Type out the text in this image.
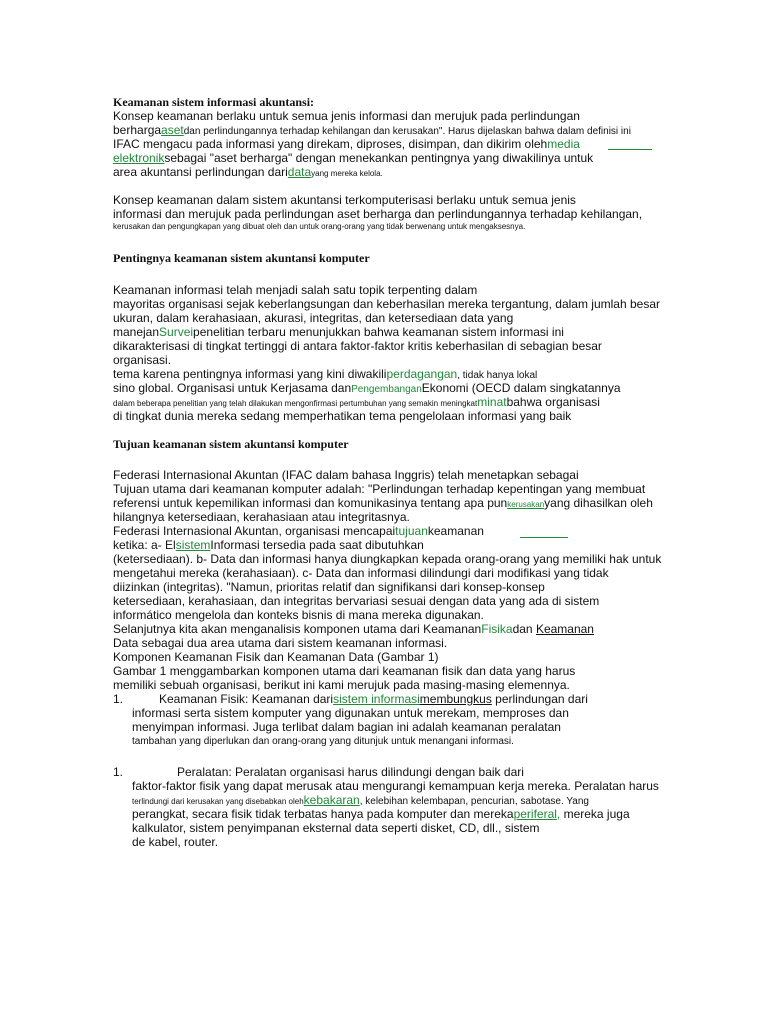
Keamanan sistem informasi akuntansi:
Konsep keamanan berlaku untuk semua jenis informasi dan merujuk pada perlindungan
berhargaasetdan perlindungannya terhadap kehilangan dan kerusakan". Harus dijelaskan bahwa dalam definisi ini
IFAC mengacu pada informasi yang direkam, diproses, disimpan, dan dikirim olehmedia
elektroniksebagai "aset berharga" dengan menekankan pentingnya yang diwakilinya untuk
area akuntansi perlindungan daridatayang mereka kelola.
Konsep keamanan dalam sistem akuntansi terkomputerisasi berlaku untuk semua jenis
informasi dan merujuk pada perlindungan aset berharga dan perlindungannya terhadap kehilangan,
kerusakan dan pengungkapan yang dibuat oleh dan untuk orang-orang yang tidak berwenang untuk mengaksesnya.
Pentingnya keamanan sistem akuntansi komputer
Keamanan informasi telah menjadi salah satu topik terpenting dalam
mayoritas organisasi sejak keberlangsungan dan keberhasilan mereka tergantung, dalam jumlah besar
ukuran, dalam kerahasiaan, akurasi, integritas, dan ketersediaan data yang
manejanSurveipenelitian terbaru menunjukkan bahwa keamanan sistem informasi ini
dikarakterisasi di tingkat tertinggi di antara faktor-faktor kritis keberhasilan di sebagian besar
organisasi.
tema karena pentingnya informasi yang kini diwakiliperdagangan, tidak hanya lokal
sino global. Organisasi untuk Kerjasama danPengembanganEkonomi (OECD dalam singkatannya
dalam beberapa penelitian yang telah dilakukan mengonfirmasi pertumbuhan yang semakin meningkatminatbahwa organisasi
di tingkat dunia mereka sedang memperhatikan tema pengelolaan informasi yang baik
Tujuan keamanan sistem akuntansi komputer
Federasi Internasional Akuntan (IFAC dalam bahasa Inggris) telah menetapkan sebagai
Tujuan utama dari keamanan komputer adalah: "Perlindungan terhadap kepentingan yang membuat
referensi untuk kepemilikan informasi dan komunikasinya tentang apa punkerusakanyang dihasilkan oleh
hilangnya ketersediaan, kerahasiaan atau integritasnya.
Federasi Internasional Akuntan, organisasi mencapaitujuankeamanan
ketika: a- ElsistemInformasi tersedia pada saat dibutuhkan
(ketersediaan). b- Data dan informasi hanya diungkapkan kepada orang-orang yang memiliki hak untuk
mengetahui mereka (kerahasiaan). c- Data dan informasi dilindungi dari modifikasi yang tidak
diizinkan (integritas). "Namun, prioritas relatif dan signifikansi dari konsep-konsep
ketersediaan, kerahasiaan, dan integritas bervariasi sesuai dengan data yang ada di sistem
informático mengelola dan konteks bisnis di mana mereka digunakan.
Selanjutnya kita akan menganalisis komponen utama dari KeamananFisikadan Keamanan
Data sebagai dua area utama dari sistem keamanan informasi.
Komponen Keamanan Fisik dan Keamanan Data (Gambar 1)
Gambar 1 menggambarkan komponen utama dari keamanan fisik dan data yang harus
memiliki sebuah organisasi, berikut ini kami merujuk pada masing-masing elemennya.
1.	Keamanan Fisik: Keamanan darisistem informasimembungkus perlindungan dari
informasi serta sistem komputer yang digunakan untuk merekam, memproses dan
menyimpan informasi. Juga terlibat dalam bagian ini adalah keamanan peralatan
tambahan yang diperlukan dan orang-orang yang ditunjuk untuk menangani informasi.
1.	Peralatan: Peralatan organisasi harus dilindungi dengan baik dari
faktor-faktor fisik yang dapat merusak atau mengurangi kemampuan kerja mereka. Peralatan harus
terlindungi dari kerusakan yang disebabkan olehkebakaran, kelebihan kelembapan, pencurian, sabotase. Yang
perangkat, secara fisik tidak terbatas hanya pada komputer dan merekaperiferal, mereka juga
kalkulator, sistem penyimpanan eksternal data seperti disket, CD, dll., sistem
de kabel, router.
